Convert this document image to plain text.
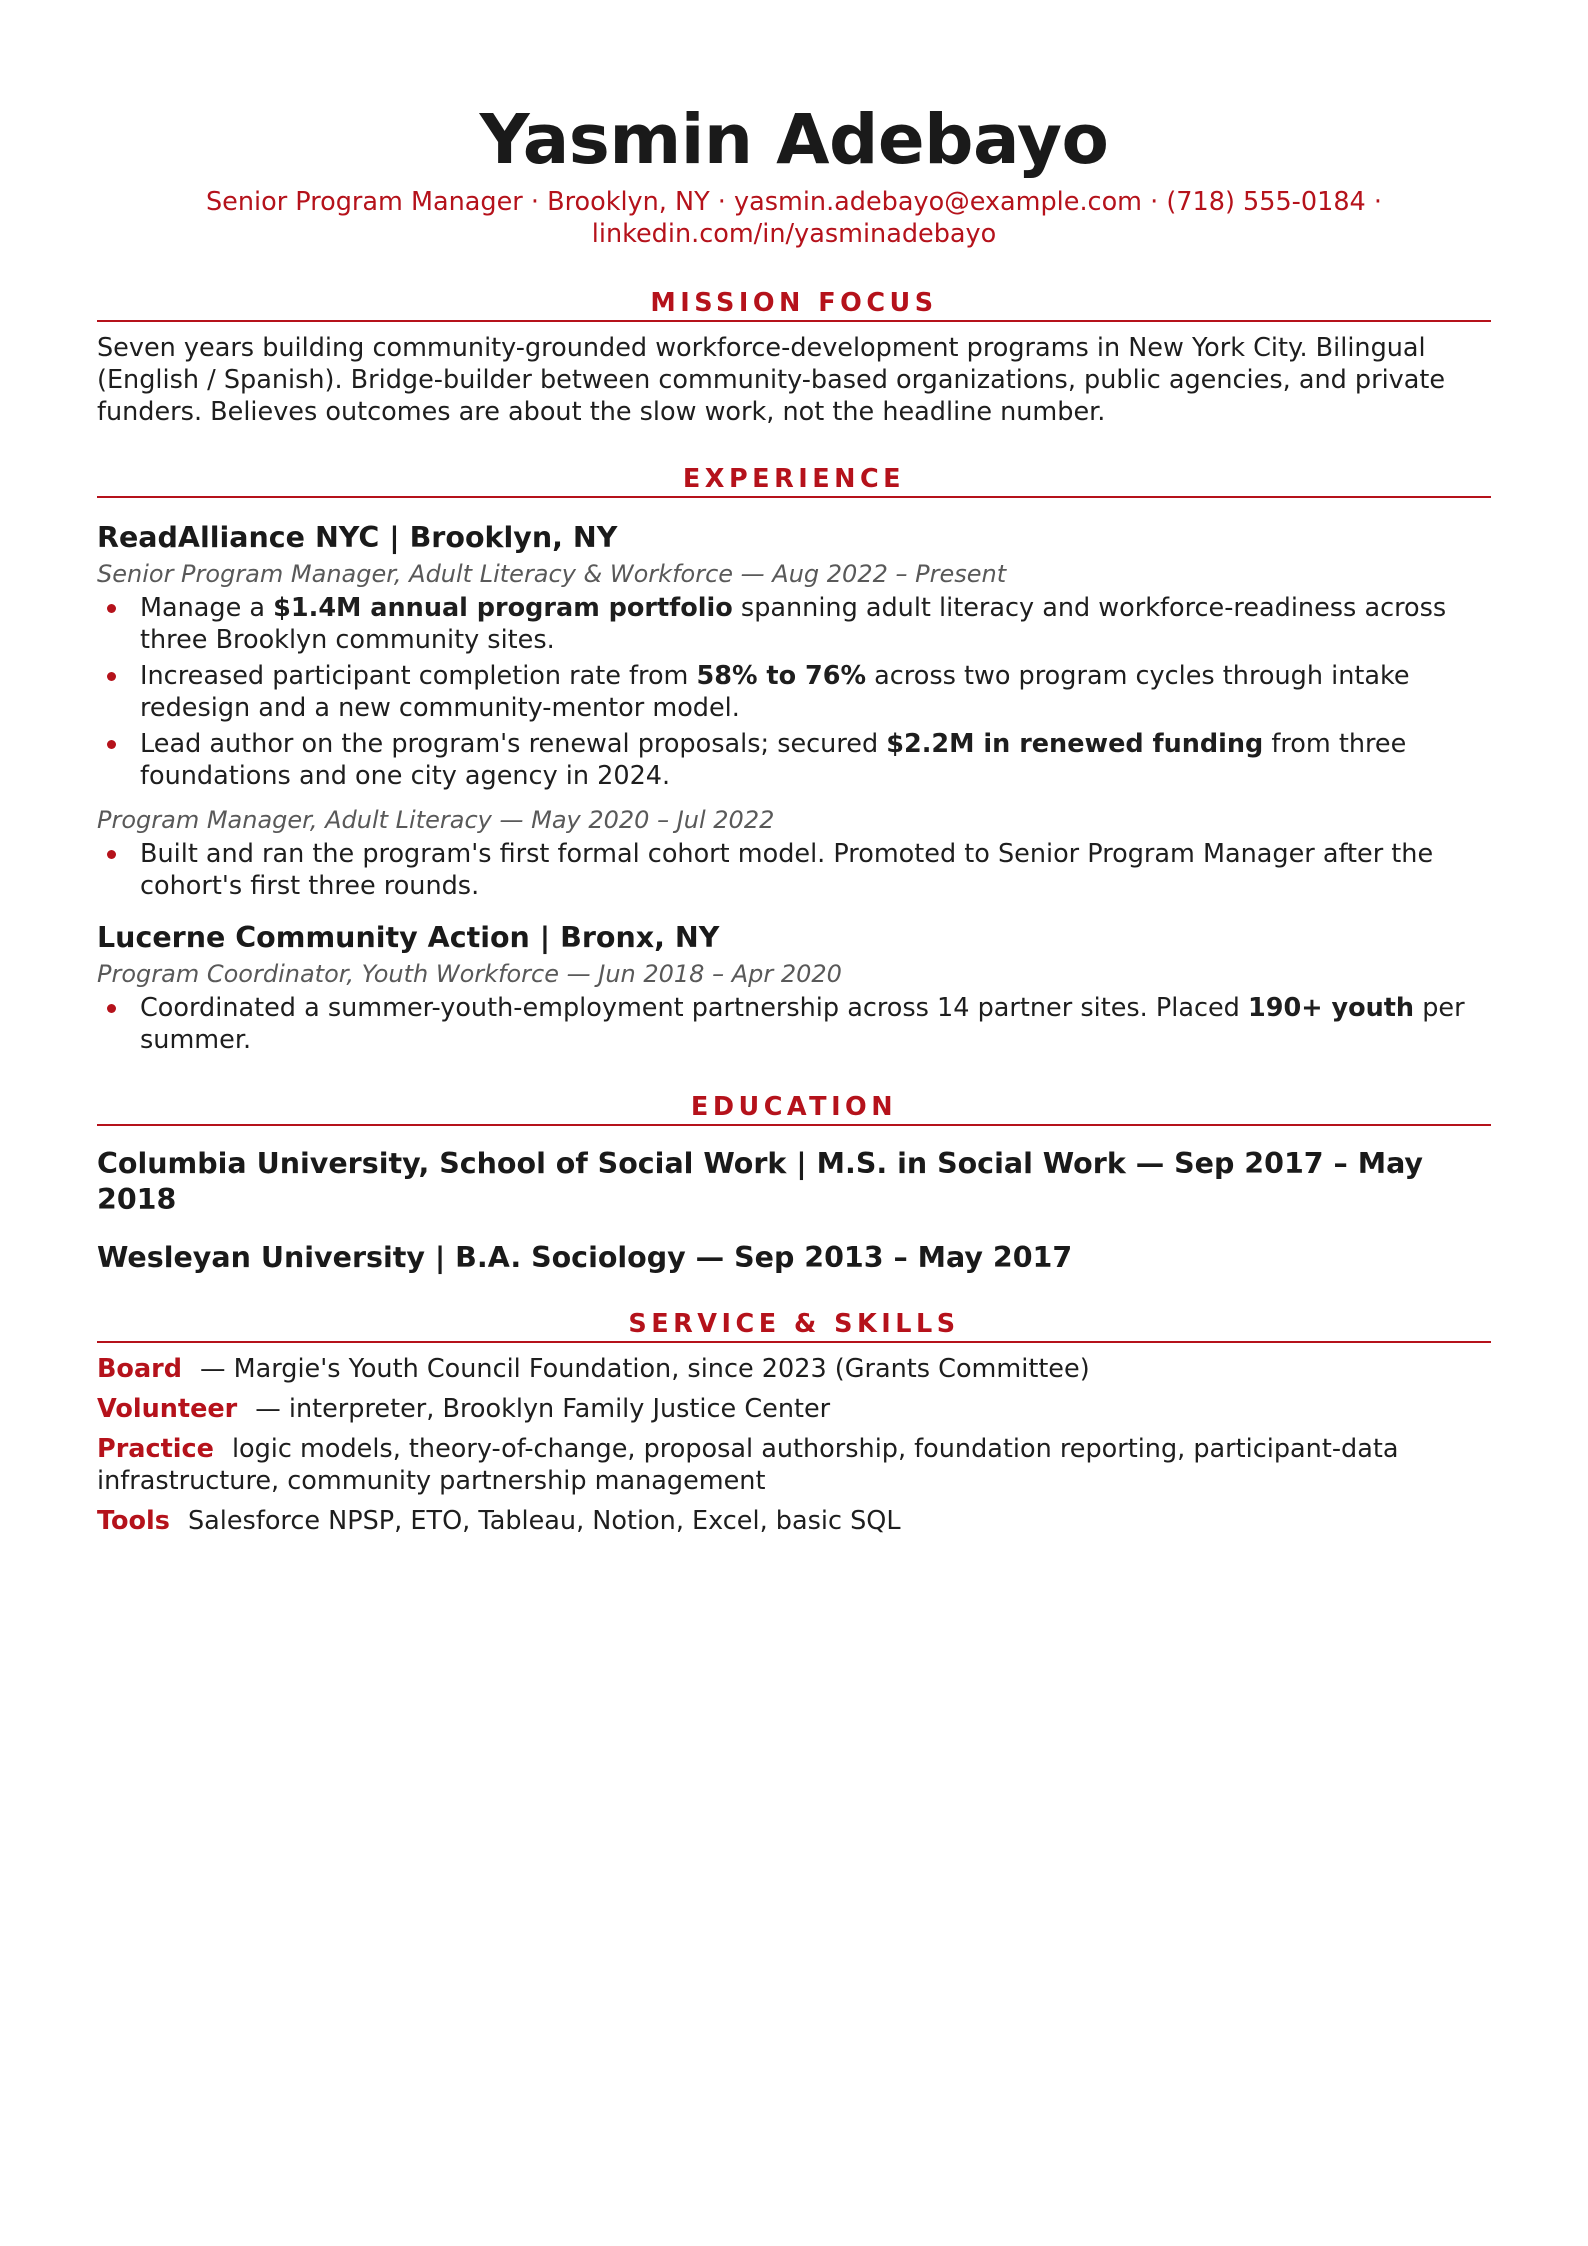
Yasmin Adebayo
Senior Program Manager · Brooklyn, NY · yasmin.adebayo@example.com · (718) 555-0184 ·
linkedin.com/in/yasminadebayo
MISSION FOCUS
Seven years building community-grounded workforce-development programs in New York City. Bilingual (English / Spanish). Bridge-builder between community-based organizations, public agencies, and private funders. Believes outcomes are about the slow work, not the headline number.
EXPERIENCE
ReadAlliance NYC | Brooklyn, NY
Senior Program Manager, Adult Literacy & Workforce — Aug 2022 – Present
Manage a $1.4M annual program portfolio spanning adult literacy and workforce-readiness across three Brooklyn community sites.
Increased participant completion rate from 58% to 76% across two program cycles through intake redesign and a new community-mentor model.
Lead author on the program's renewal proposals; secured $2.2M in renewed funding from three foundations and one city agency in 2024.
Program Manager, Adult Literacy — May 2020 – Jul 2022
Built and ran the program's first formal cohort model. Promoted to Senior Program Manager after the cohort's first three rounds.
Lucerne Community Action | Bronx, NY
Program Coordinator, Youth Workforce — Jun 2018 – Apr 2020
Coordinated a summer-youth-employment partnership across 14 partner sites. Placed 190+ youth per summer.
EDUCATION
Columbia University, School of Social Work | M.S. in Social Work — Sep 2017 – May 2018
Wesleyan University | B.A. Sociology — Sep 2013 – May 2017
SERVICE & SKILLS
Board — Margie's Youth Council Foundation, since 2023 (Grants Committee)
Volunteer — interpreter, Brooklyn Family Justice Center
Practice logic models, theory-of-change, proposal authorship, foundation reporting, participant-data infrastructure, community partnership management
Tools Salesforce NPSP, ETO, Tableau, Notion, Excel, basic SQL
